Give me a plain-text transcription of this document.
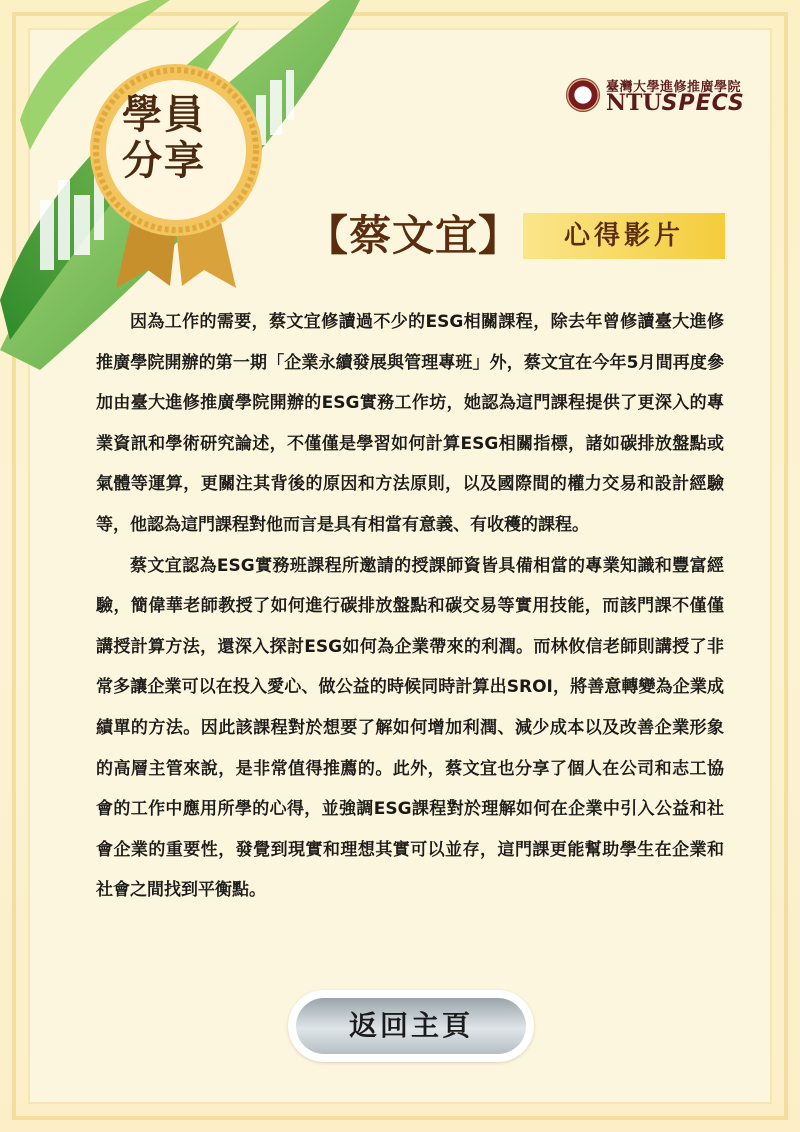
學員
分享
臺灣大學進修推廣學院
NTUSPECS
【蔡文宜】	心得影片

因為工作的需要，蔡文宜修讀過不少的ESG相關課程，除去年曾修讀臺大進修推廣學院開辦的第一期「企業永續發展與管理專班」外，蔡文宜在今年5月間再度參加由臺大進修推廣學院開辦的ESG實務工作坊，她認為這門課程提供了更深入的專業資訊和學術研究論述，不僅僅是學習如何計算ESG相關指標，諸如碳排放盤點或氣體等運算，更關注其背後的原因和方法原則，以及國際間的權力交易和設計經驗等，他認為這門課程對他而言是具有相當有意義、有收穫的課程。

蔡文宜認為ESG實務班課程所邀請的授課師資皆具備相當的專業知識和豐富經驗，簡偉華老師教授了如何進行碳排放盤點和碳交易等實用技能，而該門課不僅僅講授計算方法，還深入探討ESG如何為企業帶來的利潤。而林攸信老師則講授了非常多讓企業可以在投入愛心、做公益的時候同時計算出SROI，將善意轉變為企業成績單的方法。因此該課程對於想要了解如何增加利潤、減少成本以及改善企業形象的高層主管來說，是非常值得推薦的。此外，蔡文宜也分享了個人在公司和志工協會的工作中應用所學的心得，並強調ESG課程對於理解如何在企業中引入公益和社會企業的重要性，發覺到現實和理想其實可以並存，這門課更能幫助學生在企業和社會之間找到平衡點。

返回主頁
